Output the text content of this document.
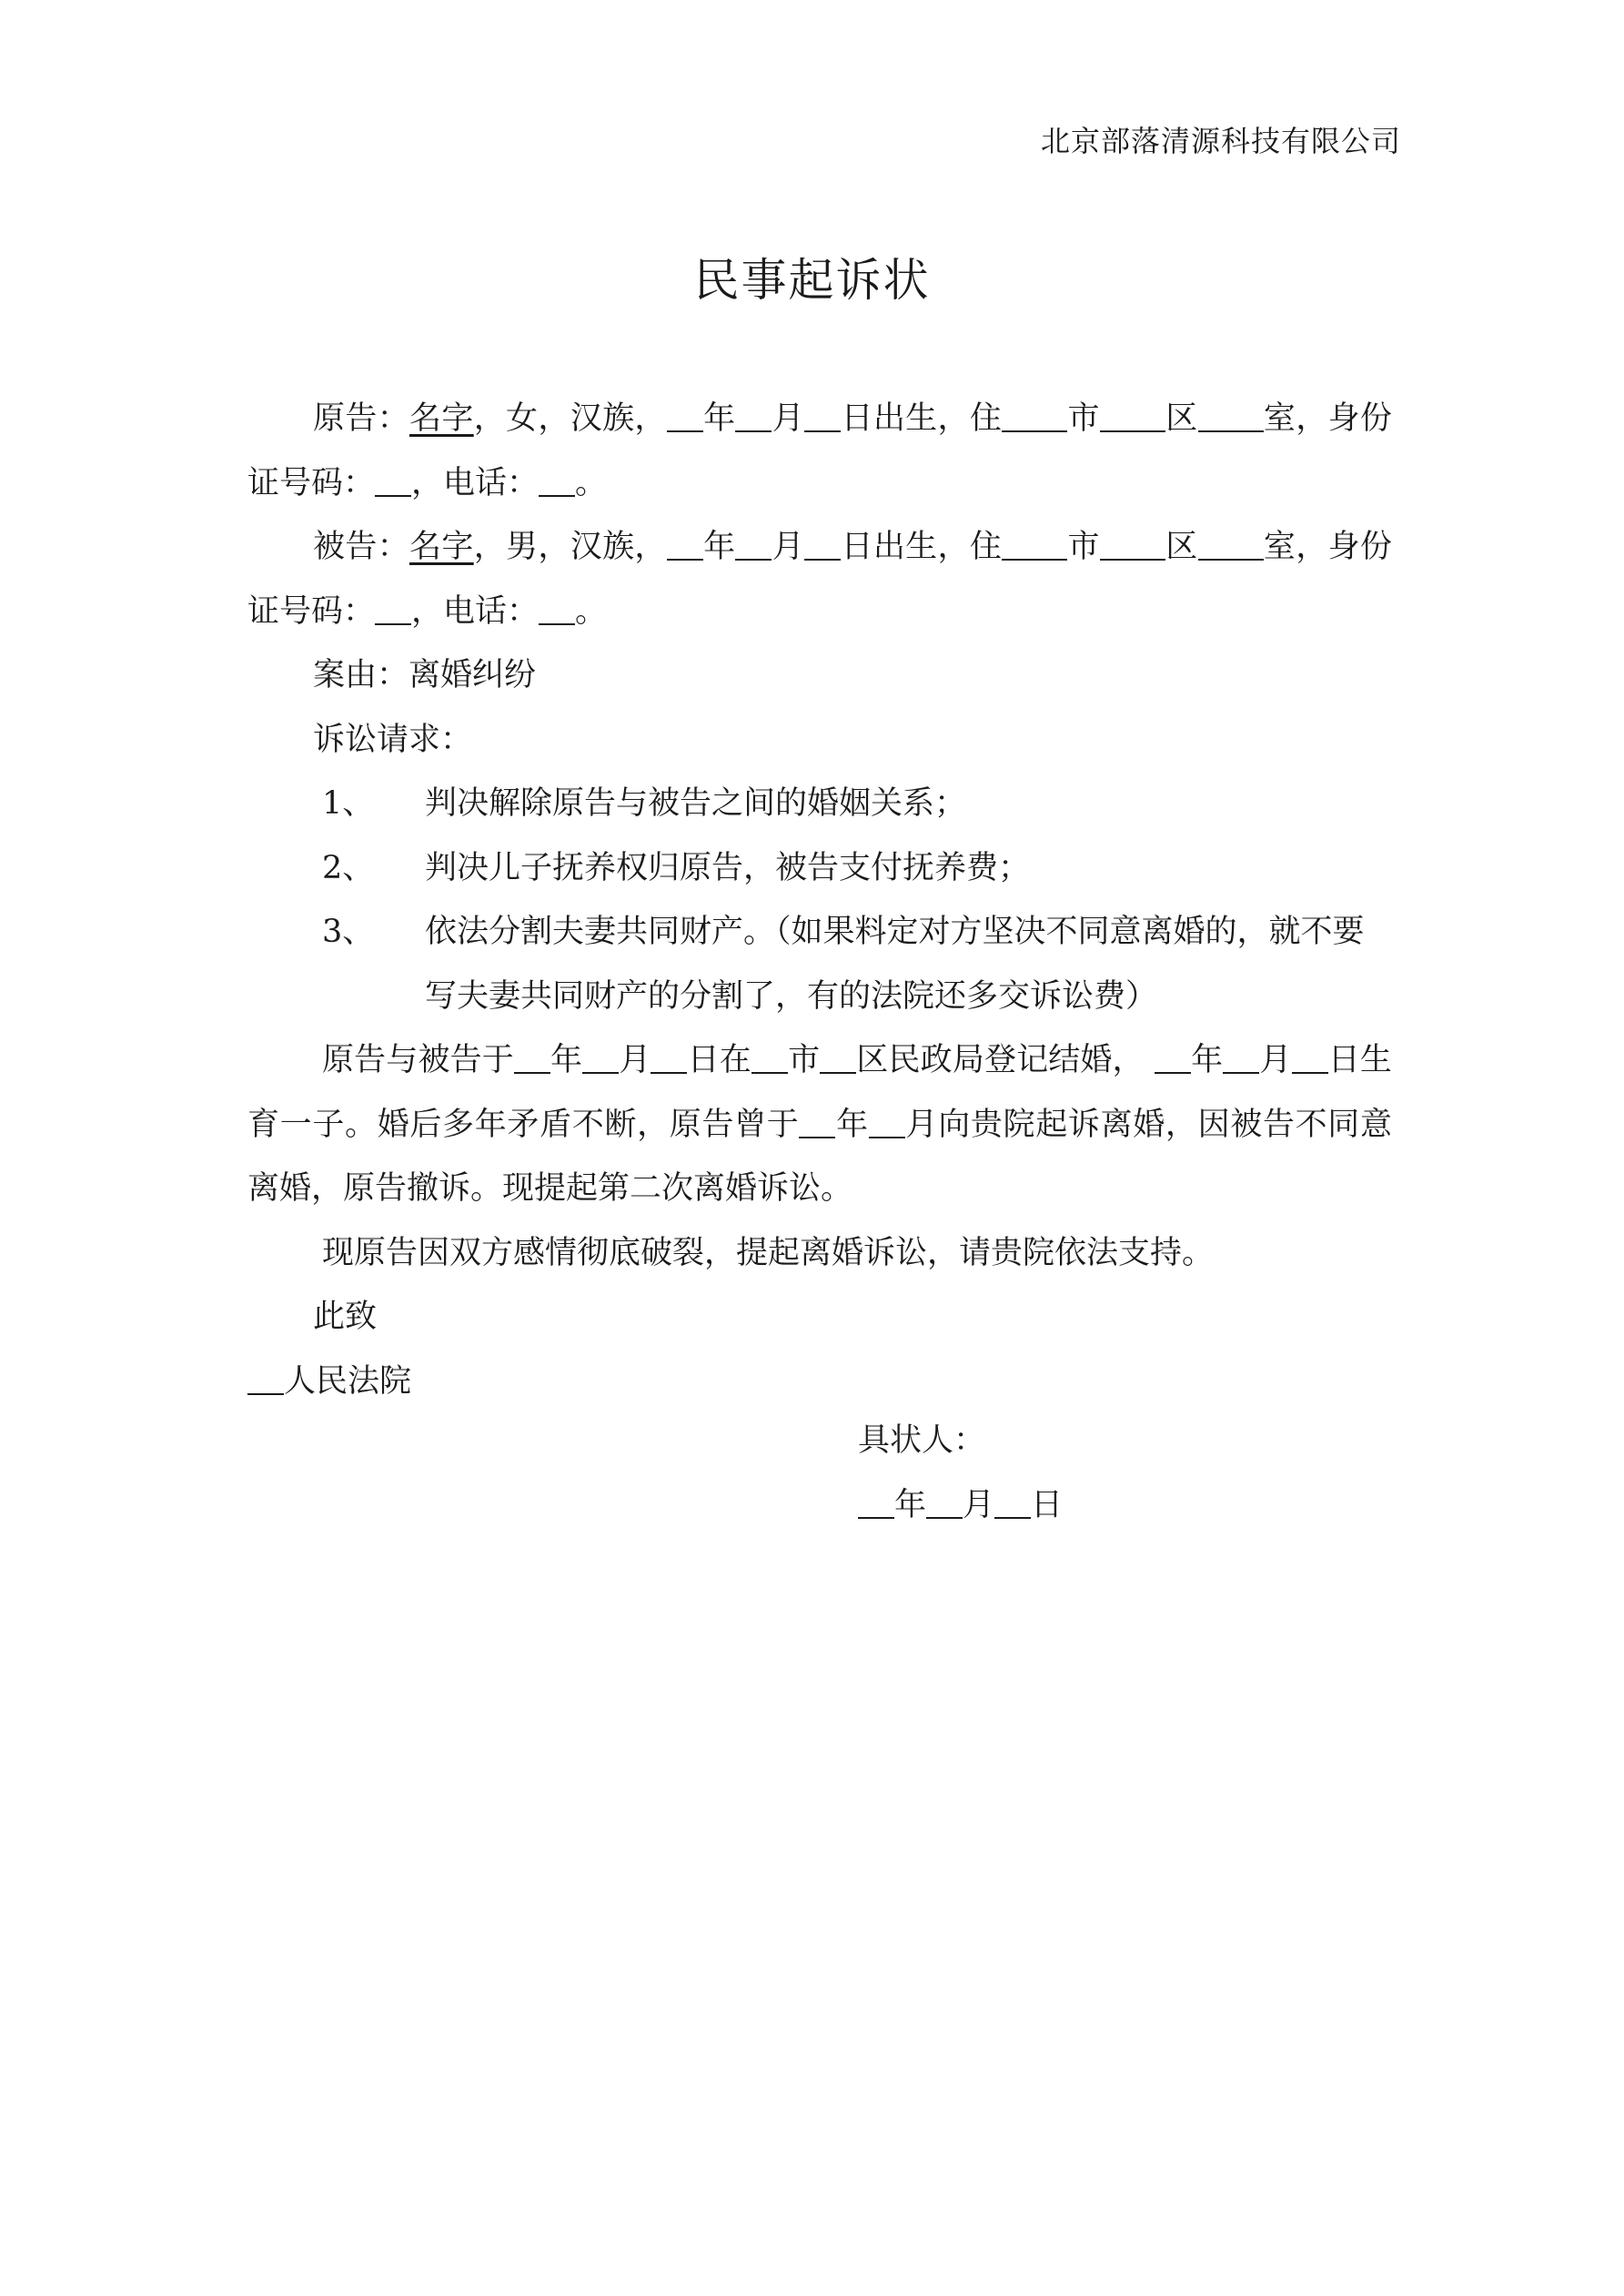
北京部落清源科技有限公司
民事起诉状

原告：名字，女，汉族， 年 月 日出生，住 市 区 室，身份证号码： ，电话： 。

被告：名字，男，汉族， 年 月 日出生，住 市 区 室，身份证号码： ，电话： 。

案由：离婚纠纷

诉讼请求：

1、	判决解除原告与被告之间的婚姻关系；
2、	判决儿子抚养权归原告，被告支付抚养费；
3、	依法分割夫妻共同财产。（如果料定对方坚决不同意离婚的，就不要写夫妻共同财产的分割了，有的法院还多交诉讼费）

原告与被告于 年 月 日在 市 区民政局登记结婚， 年 月 日生育一子。婚后多年矛盾不断，原告曾于 年 月向贵院起诉离婚，因被告不同意离婚，原告撤诉。现提起第二次离婚诉讼。

现原告因双方感情彻底破裂，提起离婚诉讼，请贵院依法支持。

此致

人民法院

具状人：
年 月 日
